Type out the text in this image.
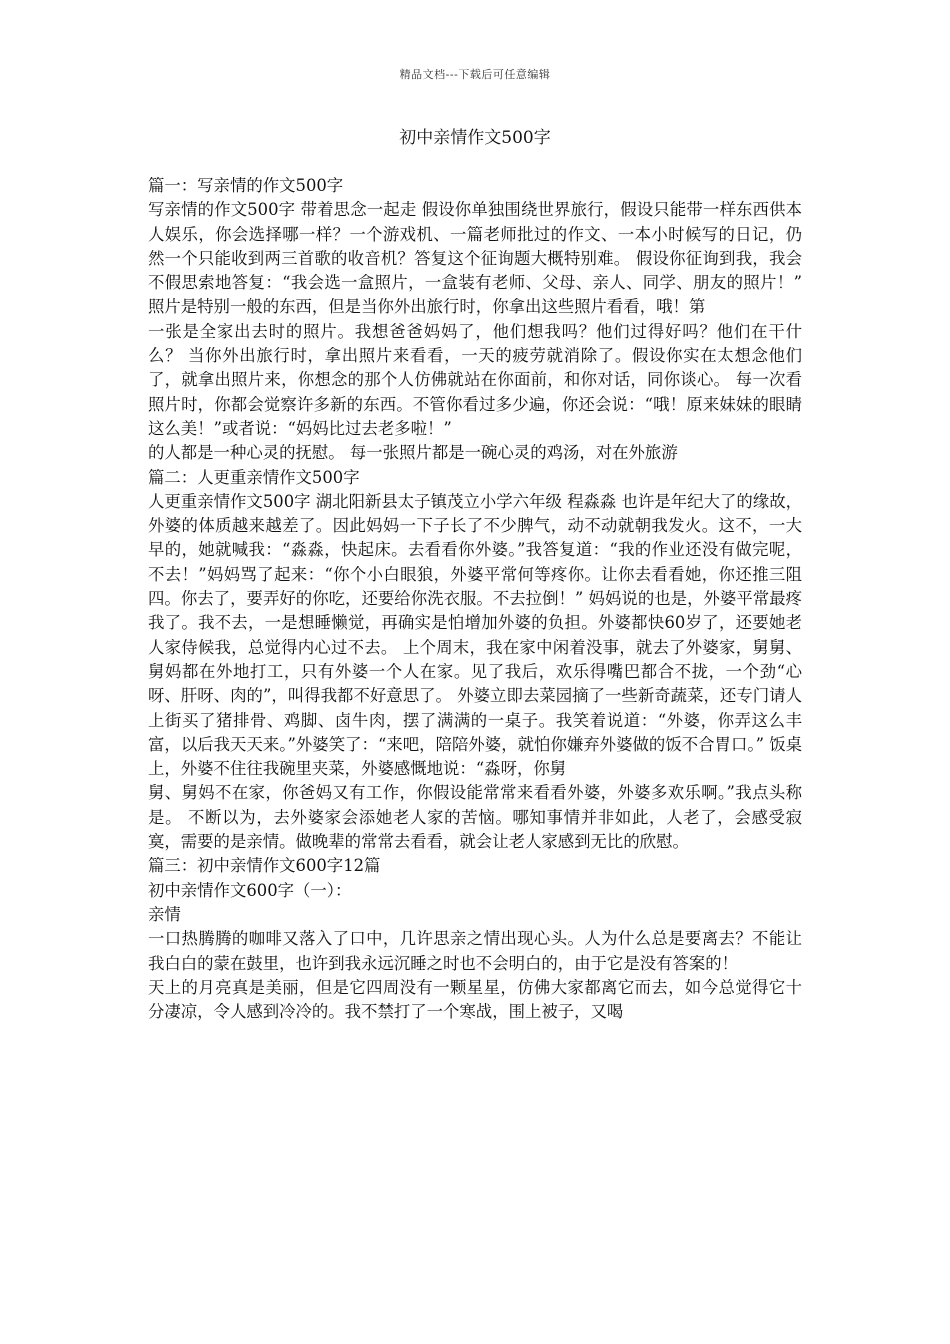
精品文档---下载后可任意编辑
初中亲情作文500字

篇一：写亲情的作文500字

写亲情的作文500字 带着思念一起走 假设你单独围绕世界旅行，假设只能带一样东西供本人娱乐，你会选择哪一样？一个游戏机、一篇老师批过的作文、一本小时候写的日记，仍然一个只能收到两三首歌的收音机？答复这个征询题大概特别难。 假设你征询到我，我会不假思索地答复：“我会选一盒照片，一盒装有老师、父母、亲人、同学、朋友的照片！” 照片是特别一般的东西，但是当你外出旅行时，你拿出这些照片看看，哦！第

一张是全家出去时的照片。我想爸爸妈妈了，他们想我吗？他们过得好吗？他们在干什么？ 当你外出旅行时，拿出照片来看看，一天的疲劳就消除了。假设你实在太想念他们了，就拿出照片来，你想念的那个人仿佛就站在你面前，和你对话，同你谈心。 每一次看照片时，你都会觉察许多新的东西。不管你看过多少遍，你还会说：“哦！原来妹妹的眼睛这么美！”或者说：“妈妈比过去老多啦！”

的人都是一种心灵的抚慰。 每一张照片都是一碗心灵的鸡汤，对在外旅游

篇二：人更重亲情作文500字

人更重亲情作文500字 湖北阳新县太子镇茂立小学六年级 程淼淼 也许是年纪大了的缘故，外婆的体质越来越差了。因此妈妈一下子长了不少脾气，动不动就朝我发火。这不，一大早的，她就喊我：“淼淼，快起床。去看看你外婆。”我答复道：“我的作业还没有做完呢，不去！”妈妈骂了起来：“你个小白眼狼，外婆平常何等疼你。让你去看看她，你还推三阻四。你去了，要弄好的你吃，还要给你洗衣服。不去拉倒！” 妈妈说的也是，外婆平常最疼我了。我不去，一是想睡懒觉，再确实是怕增加外婆的负担。外婆都快60岁了，还要她老人家侍候我，总觉得内心过不去。 上个周末，我在家中闲着没事，就去了外婆家，舅舅、舅妈都在外地打工，只有外婆一个人在家。见了我后，欢乐得嘴巴都合不拢，一个劲“心呀、肝呀、肉的”，叫得我都不好意思了。 外婆立即去菜园摘了一些新奇蔬菜，还专门请人上街买了猪排骨、鸡脚、卤牛肉，摆了满满的一桌子。我笑着说道：“外婆，你弄这么丰富，以后我天天来。”外婆笑了：“来吧，陪陪外婆，就怕你嫌弃外婆做的饭不合胃口。” 饭桌上，外婆不住往我碗里夹菜，外婆感慨地说：“淼呀，你舅

舅、舅妈不在家，你爸妈又有工作，你假设能常常来看看外婆，外婆多欢乐啊。”我点头称是。 不断以为，去外婆家会添她老人家的苦恼。哪知事情并非如此，人老了，会感受寂寞，需要的是亲情。做晚辈的常常去看看，就会让老人家感到无比的欣慰。

篇三：初中亲情作文600字12篇

初中亲情作文600字（一）：

亲情

一口热腾腾的咖啡又落入了口中，几许思亲之情出现心头。人为什么总是要离去？不能让我白白的蒙在鼓里，也许到我永远沉睡之时也不会明白的，由于它是没有答案的！

天上的月亮真是美丽，但是它四周没有一颗星星，仿佛大家都离它而去，如今总觉得它十分凄凉，令人感到冷冷的。我不禁打了一个寒战，围上被子，又喝
